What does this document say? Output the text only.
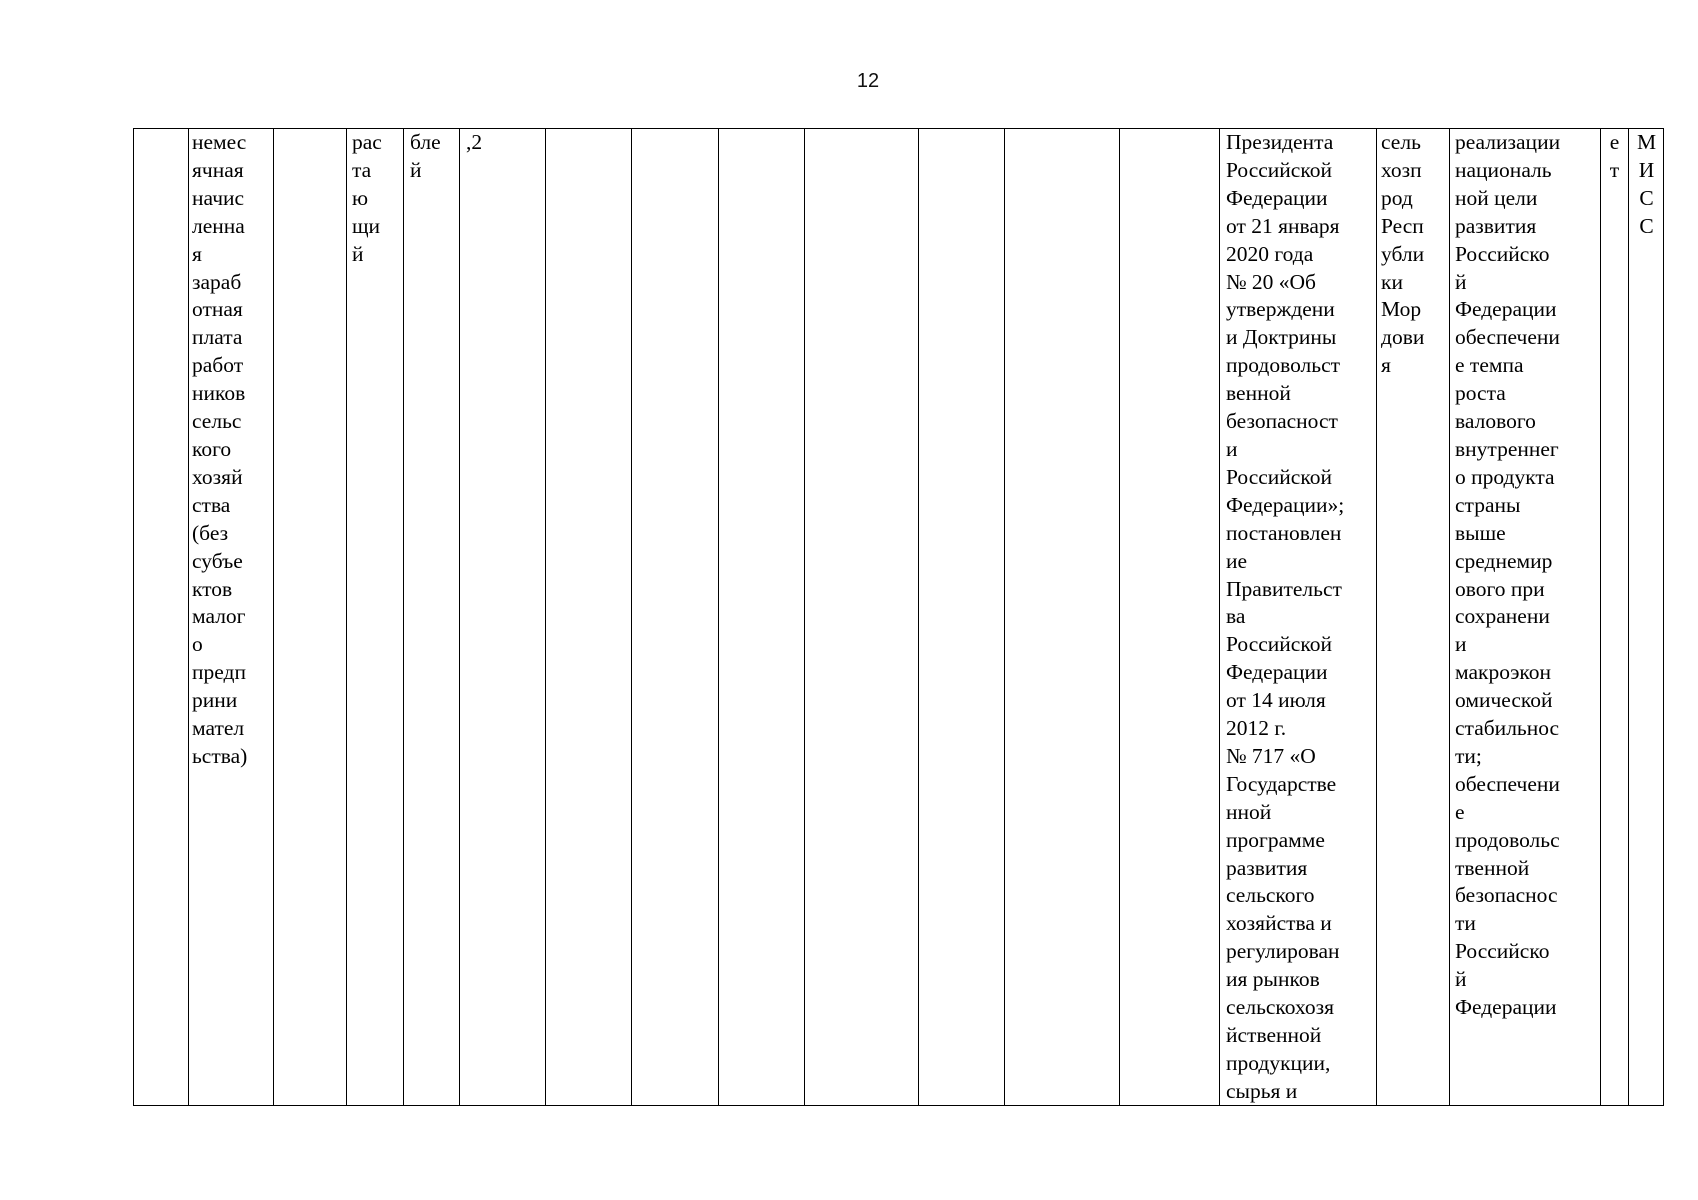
12
немес
ячная
начис
ленна
я
зараб
отная
плата
работ
ников
сельс
кого
хозяй
ства
(без
субъе
ктов
малог
о
предп
рини
мател
ьства)
рас
та
ю
щи
й
бле
й
,2	Президента
Российской
Федерации
от 21 января
2020 года
№ 20 «Об
утверждени
и Доктрины
продовольст
венной
безопасност
и
Российской
Федерации»;
постановлен
ие
Правительст
ва
Российской
Федерации
от 14 июля
2012 г.
№ 717 «О
Государстве
нной
программе
развития
сельского
хозяйства и
регулирован
ия рынков
сельскохозя
йственной
продукции,
сырья и
сель
хозп
род
Респ
убли
ки
Мор
дови
я
реализации
националь
ной цели
развития
Российско
й
Федерации
обеспечени
е темпа
роста
валового
внутреннег
о продукта
страны
выше
среднемир
ового при
сохранени
и
макроэкон
омической
стабильнос
ти;
обеспечени
е
продовольс
твенной
безопаснос
ти
Российско
й
Федерации
е
т
М
И
С
С
